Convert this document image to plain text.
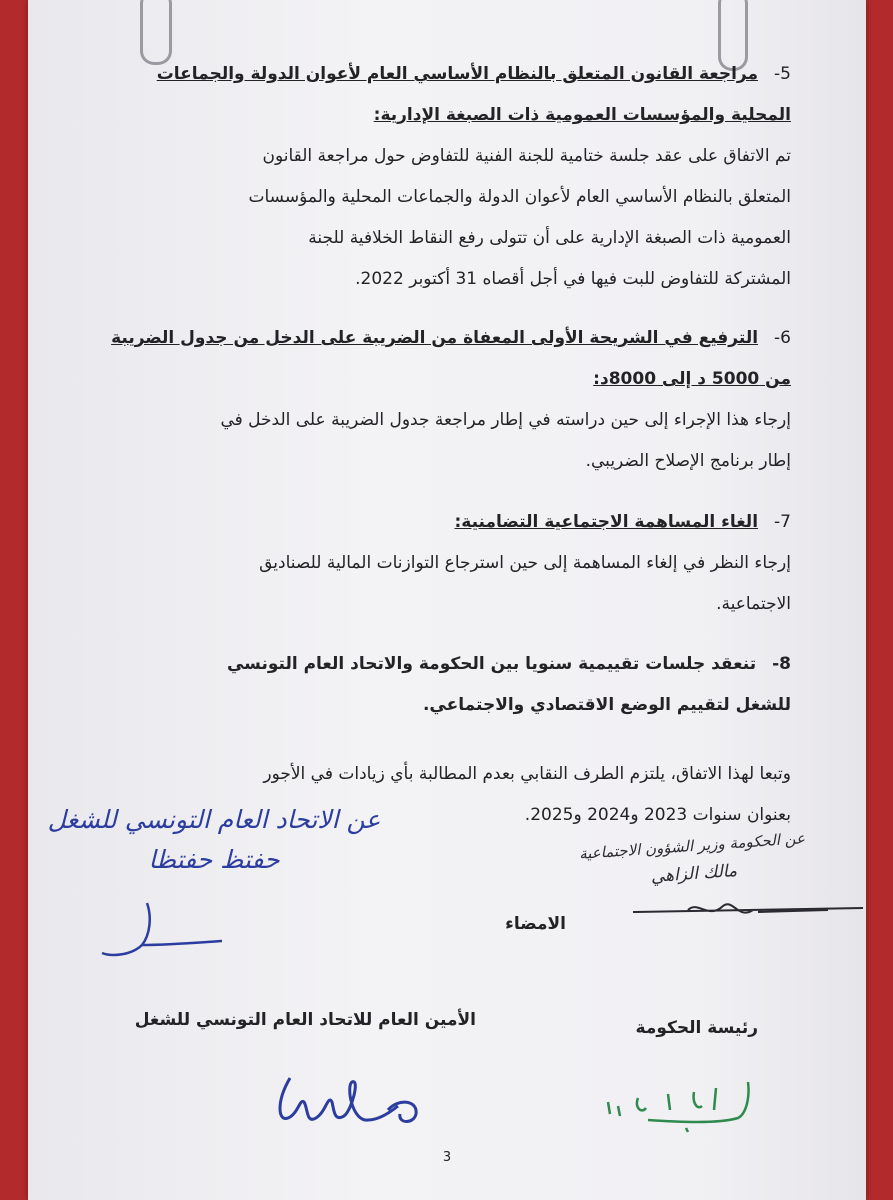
5-مراجعة القانون المتعلق بالنظام الأساسي العام لأعوان الدولة والجماعات
المحلية والمؤسسات العمومية ذات الصبغة الإدارية:
تم الاتفاق على عقد جلسة ختامية للجنة الفنية للتفاوض حول مراجعة القانون
المتعلق بالنظام الأساسي العام لأعوان الدولة والجماعات المحلية والمؤسسات
العمومية ذات الصبغة الإدارية على أن تتولى رفع النقاط الخلافية للجنة
المشتركة للتفاوض للبت فيها في أجل أقصاه 31 أكتوبر 2022.
6-الترفيع في الشريحة الأولى المعفاة من الضريبة على الدخل من جدول الضريبة
من 5000 د إلى 8000د:
إرجاء هذا الإجراء إلى حين دراسته في إطار مراجعة جدول الضريبة على الدخل في
إطار برنامج الإصلاح الضريبي.
7-الغاء المساهمة الاجتماعية التضامنية:
إرجاء النظر في إلغاء المساهمة إلى حين استرجاع التوازنات المالية للصناديق
الاجتماعية.
8-تنعقد جلسات تقييمية سنويا بين الحكومة والاتحاد العام التونسي
للشغل لتقييم الوضع الاقتصادي والاجتماعي.
وتبعا لهذا الاتفاق، يلتزم الطرف النقابي بعدم المطالبة بأي زيادات في الأجور
بعنوان سنوات 2023 و2024 و2025.
عن الاتحاد العام التونسي للشغل
حفتظ حفتظا	عن الحكومة وزير الشؤون الاجتماعية
مالك الزاهي
الامضاء
الأمين العام للاتحاد العام التونسي للشغل	رئيسة الحكومة
3
